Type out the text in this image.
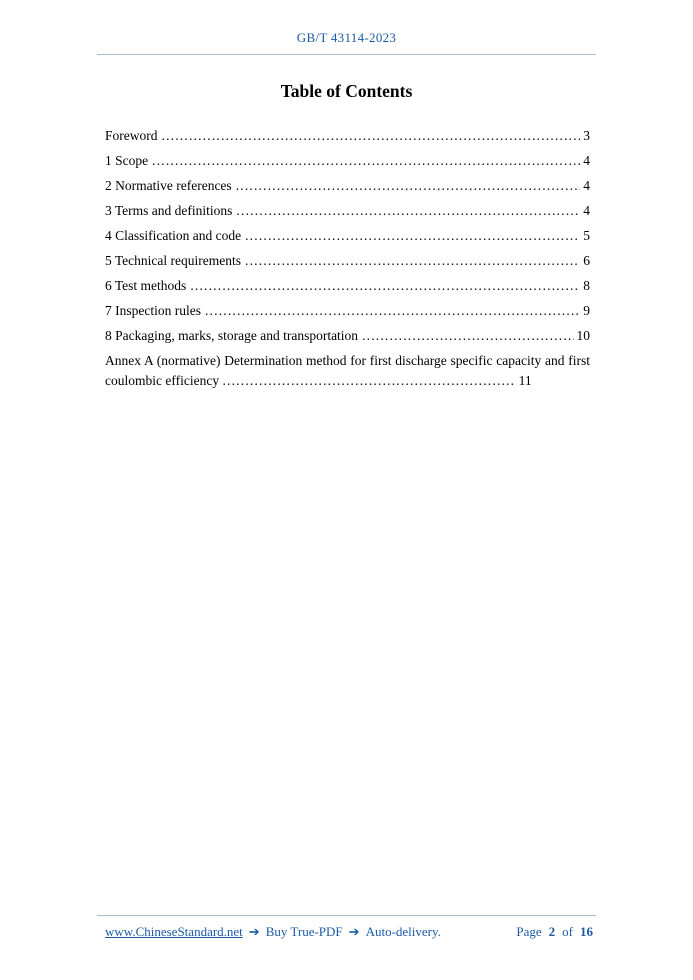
GB/T 43114-2023
Table of Contents
Foreword .....	3
1 Scope .....	4
2 Normative references .....	4
3 Terms and definitions .....	4
4 Classification and code .....	5
5 Technical requirements .....	6
6 Test methods .....	8
7 Inspection rules .....	9
8 Packaging, marks, storage and transportation .....	10
Annex A (normative) Determination method for first discharge specific capacity and first coulombic efficiency ................................................................ 11
www.ChineseStandard.net ➔ Buy True-PDF ➔ Auto-delivery.	Page 2 of 16
